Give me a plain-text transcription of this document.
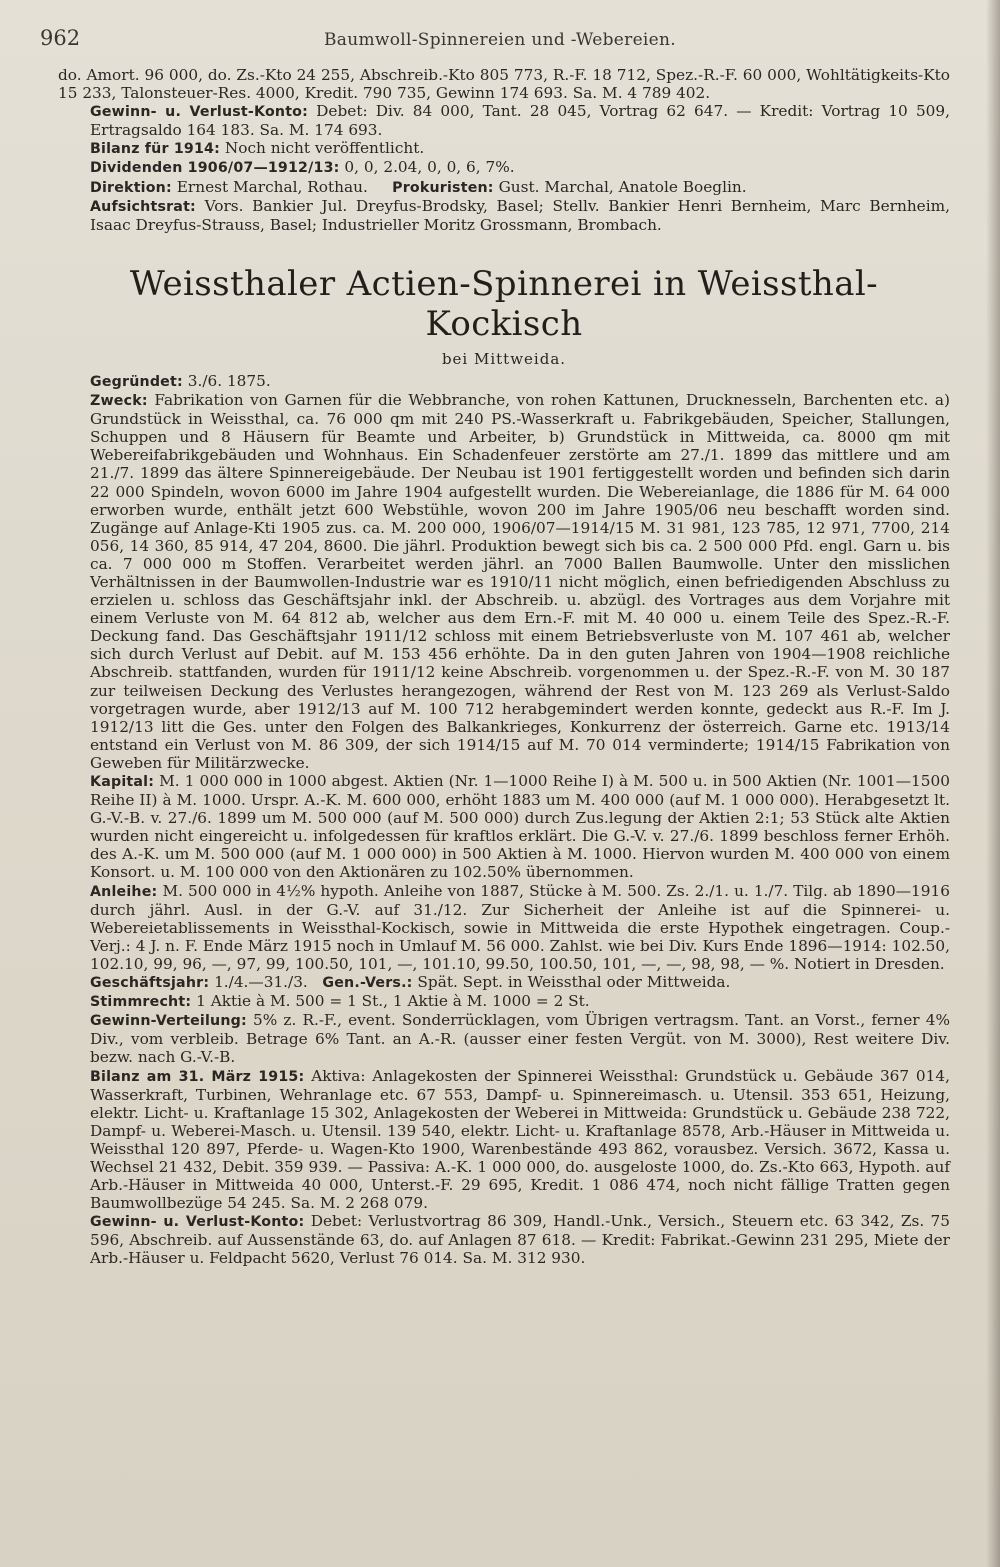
962	Baumwoll-Spinnereien und -Webereien.

do. Amort. 96 000, do. Zs.-Kto 24 255, Abschreib.-Kto 805 773, R.-F. 18 712, Spez.-R.-F. 60 000, Wohltätigkeits-Kto 15 233, Talonsteuer-Res. 4000, Kredit. 790 735, Gewinn 174 693. Sa. M. 4 789 402.

Gewinn- u. Verlust-Konto: Debet: Div. 84 000, Tant. 28 045, Vortrag 62 647. — Kredit: Vortrag 10 509, Ertragsaldo 164 183. Sa. M. 174 693.

Bilanz für 1914: Noch nicht veröffentlicht.

Dividenden 1906/07—1912/13: 0, 0, 2.04, 0, 0, 6, 7%.

Direktion: Ernest Marchal, Rothau. Prokuristen: Gust. Marchal, Anatole Boeglin.

Aufsichtsrat: Vors. Bankier Jul. Dreyfus-Brodsky, Basel; Stellv. Bankier Henri Bernheim, Marc Bernheim, Isaac Dreyfus-Strauss, Basel; Industrieller Moritz Grossmann, Brombach.

Weissthaler Actien-Spinnerei in Weissthal-Kockisch
bei Mittweida.

Gegründet: 3./6. 1875.

Zweck: Fabrikation von Garnen für die Webbranche, von rohen Kattunen, Drucknesseln, Barchenten etc. a) Grundstück in Weissthal, ca. 76 000 qm mit 240 PS.-Wasserkraft u. Fabrikgebäuden, Speicher, Stallungen, Schuppen und 8 Häusern für Beamte und Arbeiter, b) Grundstück in Mittweida, ca. 8000 qm mit Webereifabrikgebäuden und Wohnhaus. Ein Schadenfeuer zerstörte am 27./1. 1899 das mittlere und am 21./7. 1899 das ältere Spinnereigebäude. Der Neubau ist 1901 fertiggestellt worden und befinden sich darin 22 000 Spindeln, wovon 6000 im Jahre 1904 aufgestellt wurden. Die Webereianlage, die 1886 für M. 64 000 erworben wurde, enthält jetzt 600 Webstühle, wovon 200 im Jahre 1905/06 neu beschafft worden sind. Zugänge auf Anlage-Kti 1905 zus. ca. M. 200 000, 1906/07—1914/15 M. 31 981, 123 785, 12 971, 7700, 214 056, 14 360, 85 914, 47 204, 8600. Die jährl. Produktion bewegt sich bis ca. 2 500 000 Pfd. engl. Garn u. bis ca. 7 000 000 m Stoffen. Verarbeitet werden jährl. an 7000 Ballen Baumwolle. Unter den misslichen Verhältnissen in der Baumwollen-Industrie war es 1910/11 nicht möglich, einen befriedigenden Abschluss zu erzielen u. schloss das Geschäftsjahr inkl. der Abschreib. u. abzügl. des Vortrages aus dem Vorjahre mit einem Verluste von M. 64 812 ab, welcher aus dem Ern.-F. mit M. 40 000 u. einem Teile des Spez.-R.-F. Deckung fand. Das Geschäftsjahr 1911/12 schloss mit einem Betriebsverluste von M. 107 461 ab, welcher sich durch Verlust auf Debit. auf M. 153 456 erhöhte. Da in den guten Jahren von 1904—1908 reichliche Abschreib. stattfanden, wurden für 1911/12 keine Abschreib. vorgenommen u. der Spez.-R.-F. von M. 30 187 zur teilweisen Deckung des Verlustes herangezogen, während der Rest von M. 123 269 als Verlust-Saldo vorgetragen wurde, aber 1912/13 auf M. 100 712 herabgemindert werden konnte, gedeckt aus R.-F. Im J. 1912/13 litt die Ges. unter den Folgen des Balkankrieges, Konkurrenz der österreich. Garne etc. 1913/14 entstand ein Verlust von M. 86 309, der sich 1914/15 auf M. 70 014 verminderte; 1914/15 Fabrikation von Geweben für Militärzwecke.

Kapital: M. 1 000 000 in 1000 abgest. Aktien (Nr. 1—1000 Reihe I) à M. 500 u. in 500 Aktien (Nr. 1001—1500 Reihe II) à M. 1000. Urspr. A.-K. M. 600 000, erhöht 1883 um M. 400 000 (auf M. 1 000 000). Herabgesetzt lt. G.-V.-B. v. 27./6. 1899 um M. 500 000 (auf M. 500 000) durch Zus.legung der Aktien 2:1; 53 Stück alte Aktien wurden nicht eingereicht u. infolgedessen für kraftlos erklärt. Die G.-V. v. 27./6. 1899 beschloss ferner Erhöh. des A.-K. um M. 500 000 (auf M. 1 000 000) in 500 Aktien à M. 1000. Hiervon wurden M. 400 000 von einem Konsort. u. M. 100 000 von den Aktionären zu 102.50% übernommen.

Anleihe: M. 500 000 in 4½% hypoth. Anleihe von 1887, Stücke à M. 500. Zs. 2./1. u. 1./7. Tilg. ab 1890—1916 durch jährl. Ausl. in der G.-V. auf 31./12. Zur Sicherheit der Anleihe ist auf die Spinnerei- u. Webereietablissements in Weissthal-Kockisch, sowie in Mittweida die erste Hypothek eingetragen. Coup.-Verj.: 4 J. n. F. Ende März 1915 noch in Umlauf M. 56 000. Zahlst. wie bei Div. Kurs Ende 1896—1914: 102.50, 102.10, 99, 96, —, 97, 99, 100.50, 101, —, 101.10, 99.50, 100.50, 101, —, —, 98, 98, — %. Notiert in Dresden.

Geschäftsjahr: 1./4.—31./3. Gen.-Vers.: Spät. Sept. in Weissthal oder Mittweida.

Stimmrecht: 1 Aktie à M. 500 = 1 St., 1 Aktie à M. 1000 = 2 St.

Gewinn-Verteilung: 5% z. R.-F., event. Sonderrücklagen, vom Übrigen vertragsm. Tant. an Vorst., ferner 4% Div., vom verbleib. Betrage 6% Tant. an A.-R. (ausser einer festen Vergüt. von M. 3000), Rest weitere Div. bezw. nach G.-V.-B.

Bilanz am 31. März 1915: Aktiva: Anlagekosten der Spinnerei Weissthal: Grundstück u. Gebäude 367 014, Wasserkraft, Turbinen, Wehranlage etc. 67 553, Dampf- u. Spinnereimasch. u. Utensil. 353 651, Heizung, elektr. Licht- u. Kraftanlage 15 302, Anlagekosten der Weberei in Mittweida: Grundstück u. Gebäude 238 722, Dampf- u. Weberei-Masch. u. Utensil. 139 540, elektr. Licht- u. Kraftanlage 8578, Arb.-Häuser in Mittweida u. Weissthal 120 897, Pferde- u. Wagen-Kto 1900, Warenbestände 493 862, vorausbez. Versich. 3672, Kassa u. Wechsel 21 432, Debit. 359 939. — Passiva: A.-K. 1 000 000, do. ausgeloste 1000, do. Zs.-Kto 663, Hypoth. auf Arb.-Häuser in Mittweida 40 000, Unterst.-F. 29 695, Kredit. 1 086 474, noch nicht fällige Tratten gegen Baumwollbezüge 54 245. Sa. M. 2 268 079.

Gewinn- u. Verlust-Konto: Debet: Verlustvortrag 86 309, Handl.-Unk., Versich., Steuern etc. 63 342, Zs. 75 596, Abschreib. auf Aussenstände 63, do. auf Anlagen 87 618. — Kredit: Fabrikat.-Gewinn 231 295, Miete der Arb.-Häuser u. Feldpacht 5620, Verlust 76 014. Sa. M. 312 930.
